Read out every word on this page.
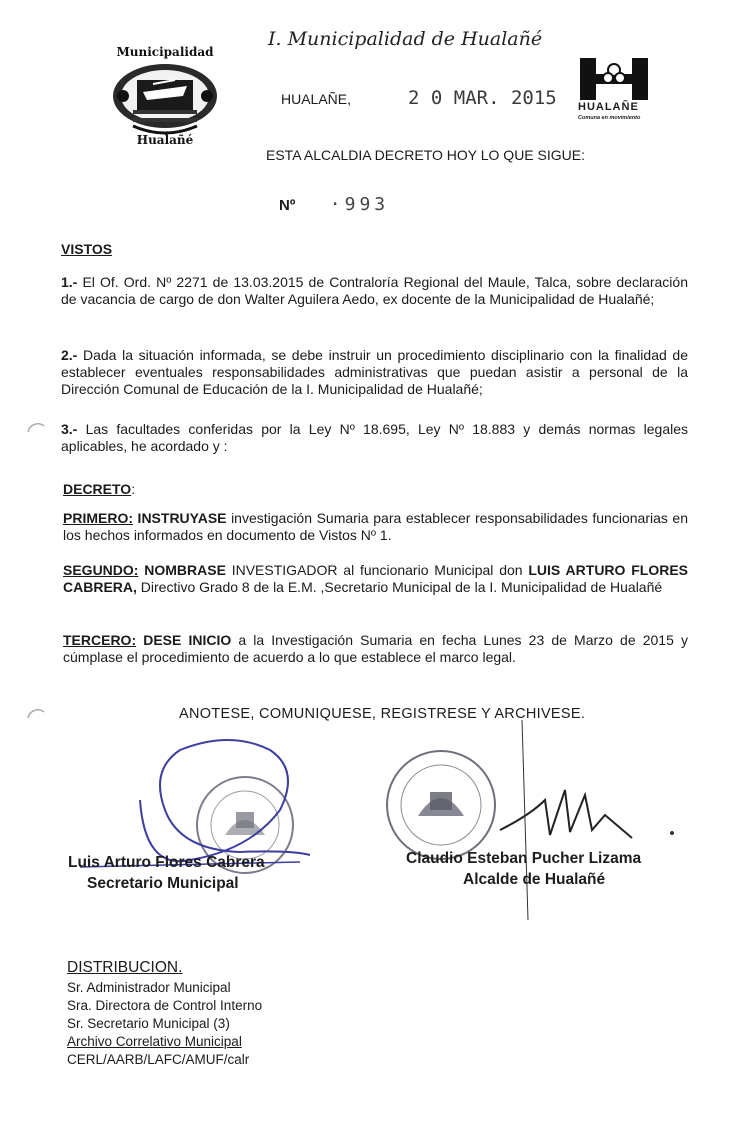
Municipalidad
Hualañé
I. Municipalidad de Hualañé
HUALAÑE,	2 0 MAR. 2015 HUALAÑE
Comuna en movimiento
ESTA ALCALDIA DECRETO HOY LO QUE SIGUE:
Nº ·993
VISTOS
1.- El Of. Ord. Nº 2271 de 13.03.2015 de Contraloría Regional del Maule, Talca, sobre declaración de vacancia de cargo de don Walter Aguilera Aedo, ex docente de la Municipalidad de Hualañé;
2.- Dada la situación informada, se debe instruir un procedimiento disciplinario con la finalidad de establecer eventuales responsabilidades administrativas que puedan asistir a personal de la Dirección Comunal de Educación de la I. Municipalidad de Hualañé;
3.- Las facultades conferidas por la Ley Nº 18.695, Ley Nº 18.883 y demás normas legales aplicables, he acordado y :
DECRETO:
PRIMERO: INSTRUYASE investigación Sumaria para establecer responsabilidades funcionarias en los hechos informados en documento de Vistos Nº 1.
SEGUNDO: NOMBRASE INVESTIGADOR al funcionario Municipal don LUIS ARTURO FLORES CABRERA, Directivo Grado 8 de la E.M. ,Secretario Municipal de la I. Municipalidad de Hualañé
TERCERO: DESE INICIO a la Investigación Sumaria en fecha Lunes 23 de Marzo de 2015 y cúmplase el procedimiento de acuerdo a lo que establece el marco legal.
ANOTESE, COMUNIQUESE, REGISTRESE Y ARCHIVESE.
Luis Arturo Flores Cabrera
Secretario Municipal
Claudio Esteban Pucher Lizama
Alcalde de Hualañé
DISTRIBUCION.
Sr. Administrador Municipal
Sra. Directora de Control Interno
Sr. Secretario Municipal (3)
Archivo Correlativo Municipal
CERL/AARB/LAFC/AMUF/calr
